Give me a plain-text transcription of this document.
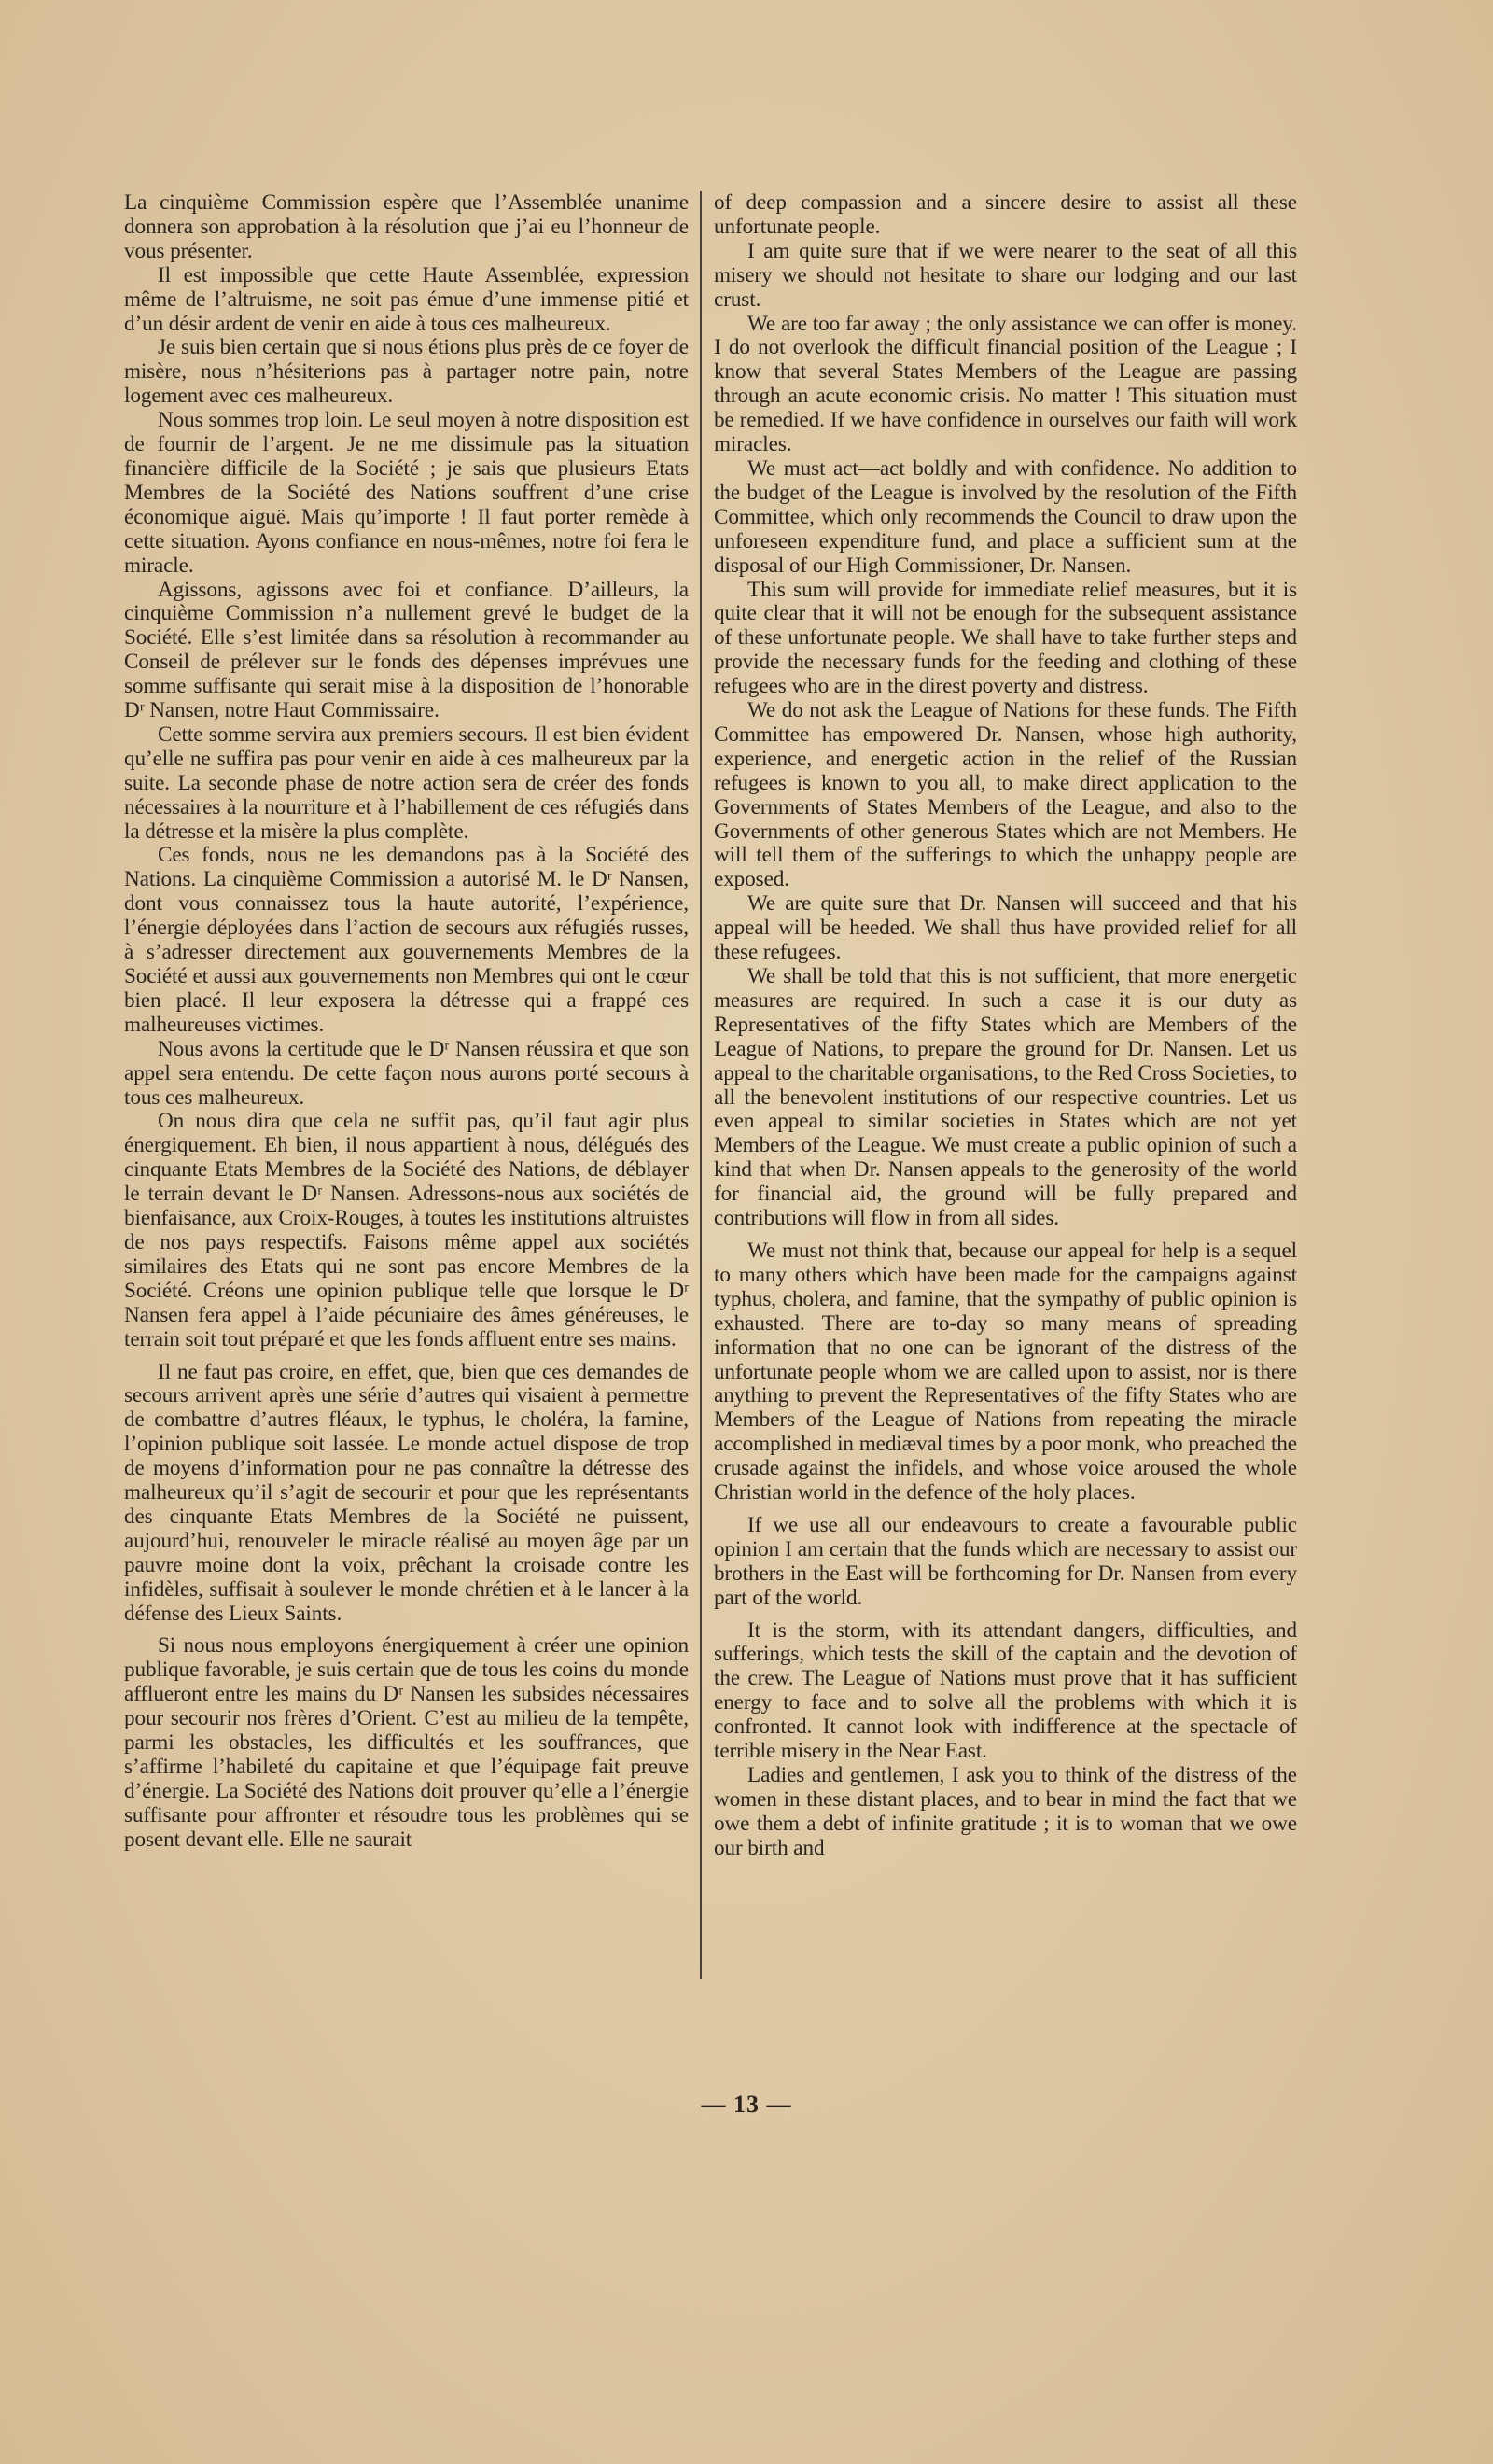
La cinquième Commission espère que l’Assemblée unanime donnera son approbation à la résolution que j’ai eu l’honneur de vous présenter.

Il est impossible que cette Haute Assemblée, expression même de l’altruisme, ne soit pas émue d’une immense pitié et d’un désir ardent de venir en aide à tous ces malheureux.

Je suis bien certain que si nous étions plus près de ce foyer de misère, nous n’hésiterions pas à partager notre pain, notre logement avec ces malheureux.

Nous sommes trop loin. Le seul moyen à notre disposition est de fournir de l’argent. Je ne me dissimule pas la situation financière difficile de la Société ; je sais que plusieurs Etats Membres de la Société des Nations souffrent d’une crise économique aiguë. Mais qu’importe ! Il faut porter remède à cette situation. Ayons confiance en nous-mêmes, notre foi fera le miracle.

Agissons, agissons avec foi et confiance. D’ailleurs, la cinquième Commission n’a nullement grevé le budget de la Société. Elle s’est limitée dans sa résolution à recommander au Conseil de prélever sur le fonds des dépenses imprévues une somme suffisante qui serait mise à la disposition de l’honorable Dʳ Nansen, notre Haut Commissaire.

Cette somme servira aux premiers secours. Il est bien évident qu’elle ne suffira pas pour venir en aide à ces malheureux par la suite. La seconde phase de notre action sera de créer des fonds nécessaires à la nourriture et à l’habillement de ces réfugiés dans la détresse et la misère la plus complète.

Ces fonds, nous ne les demandons pas à la Société des Nations. La cinquième Commission a autorisé M. le Dʳ Nansen, dont vous connaissez tous la haute autorité, l’expérience, l’énergie déployées dans l’action de secours aux réfugiés russes, à s’adresser directement aux gouvernements Membres de la Société et aussi aux gouvernements non Membres qui ont le cœur bien placé. Il leur exposera la détresse qui a frappé ces malheureuses victimes.

Nous avons la certitude que le Dʳ Nansen réussira et que son appel sera entendu. De cette façon nous aurons porté secours à tous ces malheureux.

On nous dira que cela ne suffit pas, qu’il faut agir plus énergiquement. Eh bien, il nous appartient à nous, délégués des cinquante Etats Membres de la Société des Nations, de déblayer le terrain devant le Dʳ Nansen. Adressons-nous aux sociétés de bienfaisance, aux Croix-Rouges, à toutes les institutions altruistes de nos pays respectifs. Faisons même appel aux sociétés similaires des Etats qui ne sont pas encore Membres de la Société. Créons une opinion publique telle que lorsque le Dʳ Nansen fera appel à l’aide pécuniaire des âmes généreuses, le terrain soit tout préparé et que les fonds affluent entre ses mains.

Il ne faut pas croire, en effet, que, bien que ces demandes de secours arrivent après une série d’autres qui visaient à permettre de combattre d’autres fléaux, le typhus, le choléra, la famine, l’opinion publique soit lassée. Le monde actuel dispose de trop de moyens d’information pour ne pas connaître la détresse des malheureux qu’il s’agit de secourir et pour que les représentants des cinquante Etats Membres de la Société ne puissent, aujourd’hui, renouveler le miracle réalisé au moyen âge par un pauvre moine dont la voix, prêchant la croisade contre les infidèles, suffisait à soulever le monde chrétien et à le lancer à la défense des Lieux Saints.

Si nous nous employons énergiquement à créer une opinion publique favorable, je suis certain que de tous les coins du monde afflueront entre les mains du Dʳ Nansen les subsides nécessaires pour secourir nos frères d’Orient. C’est au milieu de la tempête, parmi les obstacles, les difficultés et les souffrances, que s’affirme l’habileté du capitaine et que l’équipage fait preuve d’énergie. La Société des Nations doit prouver qu’elle a l’énergie suffisante pour affronter et résoudre tous les problèmes qui se posent devant elle. Elle ne saurait

of deep compassion and a sincere desire to assist all these unfortunate people.

I am quite sure that if we were nearer to the seat of all this misery we should not hesitate to share our lodging and our last crust.

We are too far away ; the only assistance we can offer is money. I do not overlook the difficult financial position of the League ; I know that several States Members of the League are passing through an acute economic crisis. No matter ! This situation must be remedied. If we have confidence in ourselves our faith will work miracles.

We must act—act boldly and with confidence. No addition to the budget of the League is involved by the resolution of the Fifth Committee, which only recommends the Council to draw upon the unforeseen expenditure fund, and place a sufficient sum at the disposal of our High Commissioner, Dr. Nansen.

This sum will provide for immediate relief measures, but it is quite clear that it will not be enough for the subsequent assistance of these unfortunate people. We shall have to take further steps and provide the necessary funds for the feeding and clothing of these refugees who are in the direst poverty and distress.

We do not ask the League of Nations for these funds. The Fifth Committee has empowered Dr. Nansen, whose high authority, experience, and energetic action in the relief of the Russian refugees is known to you all, to make direct application to the Governments of States Members of the League, and also to the Governments of other generous States which are not Members. He will tell them of the sufferings to which the unhappy people are exposed.

We are quite sure that Dr. Nansen will succeed and that his appeal will be heeded. We shall thus have provided relief for all these refugees.

We shall be told that this is not sufficient, that more energetic measures are required. In such a case it is our duty as Representatives of the fifty States which are Members of the League of Nations, to prepare the ground for Dr. Nansen. Let us appeal to the charitable organisations, to the Red Cross Societies, to all the benevolent institutions of our respective countries. Let us even appeal to similar societies in States which are not yet Members of the League. We must create a public opinion of such a kind that when Dr. Nansen appeals to the generosity of the world for financial aid, the ground will be fully prepared and contributions will flow in from all sides.

We must not think that, because our appeal for help is a sequel to many others which have been made for the campaigns against typhus, cholera, and famine, that the sympathy of public opinion is exhausted. There are to-day so many means of spreading information that no one can be ignorant of the distress of the unfortunate people whom we are called upon to assist, nor is there anything to prevent the Representatives of the fifty States who are Members of the League of Nations from repeating the miracle accomplished in mediæval times by a poor monk, who preached the crusade against the infidels, and whose voice aroused the whole Christian world in the defence of the holy places.

If we use all our endeavours to create a favourable public opinion I am certain that the funds which are necessary to assist our brothers in the East will be forthcoming for Dr. Nansen from every part of the world.

It is the storm, with its attendant dangers, difficulties, and sufferings, which tests the skill of the captain and the devotion of the crew. The League of Nations must prove that it has sufficient energy to face and to solve all the problems with which it is confronted. It cannot look with indifference at the spectacle of terrible misery in the Near East.

Ladies and gentlemen, I ask you to think of the distress of the women in these distant places, and to bear in mind the fact that we owe them a debt of infinite gratitude ; it is to woman that we owe our birth and

— 13 —
